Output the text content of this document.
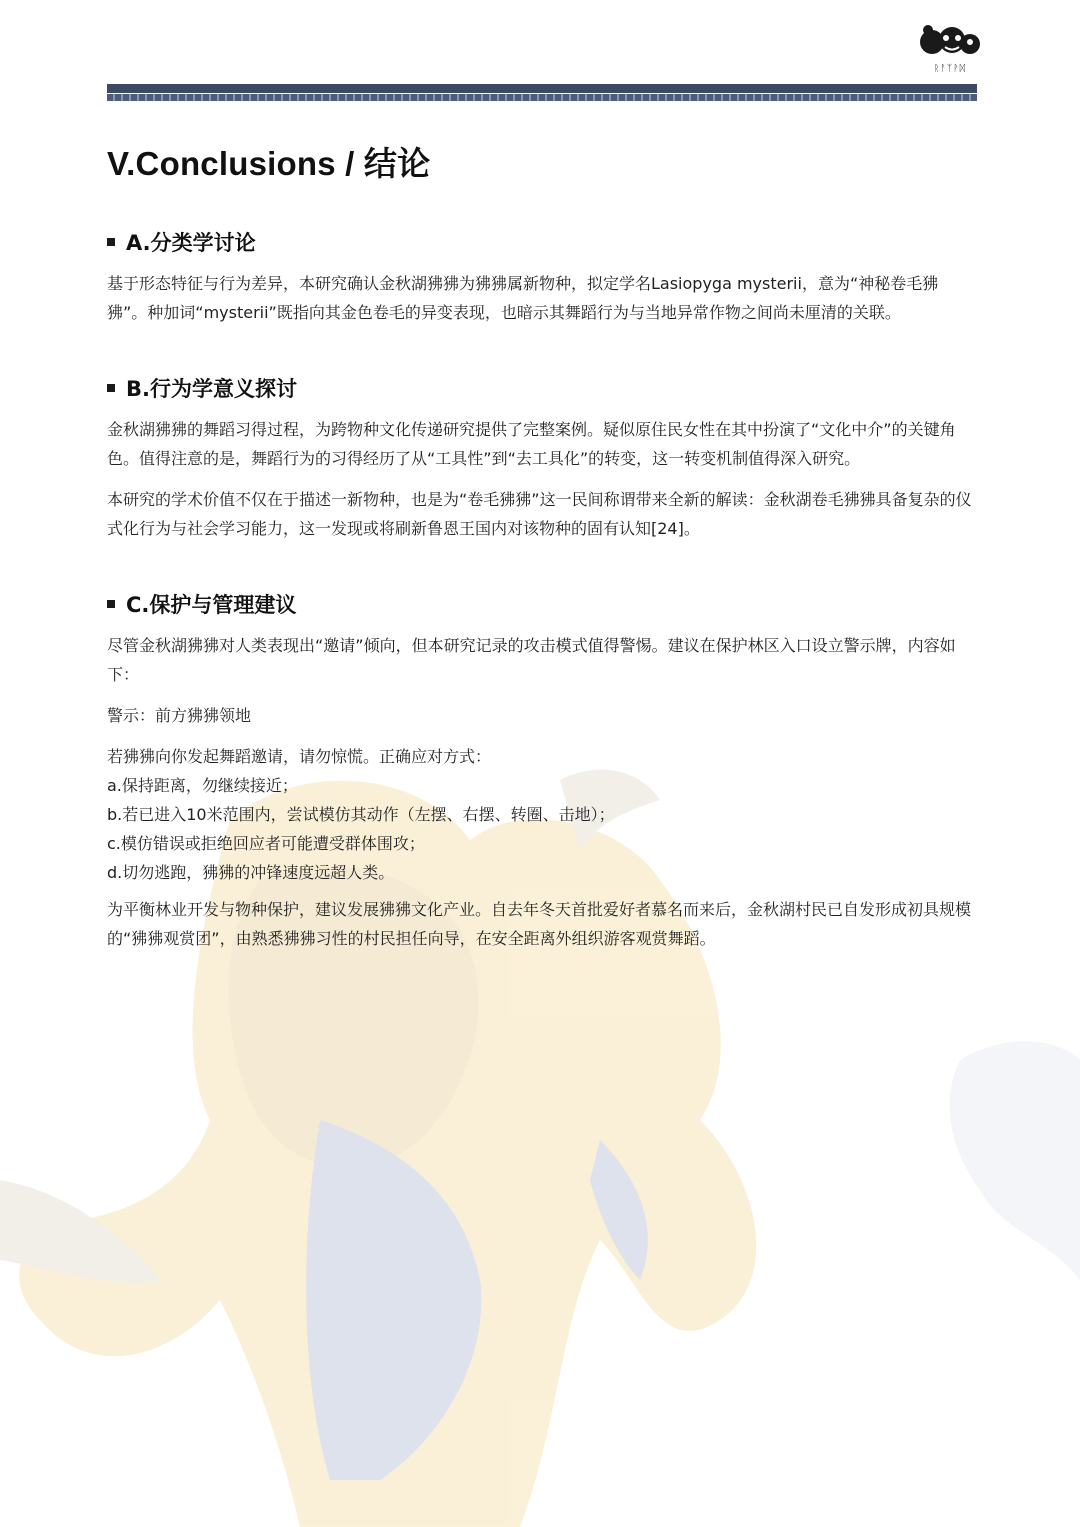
ᚱᚨᛉᚹᛞ
V.Conclusions / 结论
A.分类学讨论

基于形态特征与行为差异，本研究确认金秋湖狒狒为狒狒属新物种，拟定学名Lasiopyga mysterii，意为“神秘卷毛狒狒”。种加词“mysterii”既指向其金色卷毛的异变表现，也暗示其舞蹈行为与当地异常作物之间尚未厘清的关联。

B.行为学意义探讨

金秋湖狒狒的舞蹈习得过程，为跨物种文化传递研究提供了完整案例。疑似原住民女性在其中扮演了“文化中介”的关键角色。值得注意的是，舞蹈行为的习得经历了从“工具性”到“去工具化”的转变，这一转变机制值得深入研究。

本研究的学术价值不仅在于描述一新物种，也是为“卷毛狒狒”这一民间称谓带来全新的解读：金秋湖卷毛狒狒具备复杂的仪式化行为与社会学习能力，这一发现或将刷新鲁恩王国内对该物种的固有认知[24]。

C.保护与管理建议

尽管金秋湖狒狒对人类表现出“邀请”倾向，但本研究记录的攻击模式值得警惕。建议在保护林区入口设立警示牌，内容如下：

警示：前方狒狒领地

若狒狒向你发起舞蹈邀请，请勿惊慌。正确应对方式：

a.保持距离，勿继续接近；

b.若已进入10米范围内，尝试模仿其动作（左摆、右摆、转圈、击地）；

c.模仿错误或拒绝回应者可能遭受群体围攻；

d.切勿逃跑，狒狒的冲锋速度远超人类。

为平衡林业开发与物种保护，建议发展狒狒文化产业。自去年冬天首批爱好者慕名而来后，金秋湖村民已自发形成初具规模的“狒狒观赏团”，由熟悉狒狒习性的村民担任向导，在安全距离外组织游客观赏舞蹈。
